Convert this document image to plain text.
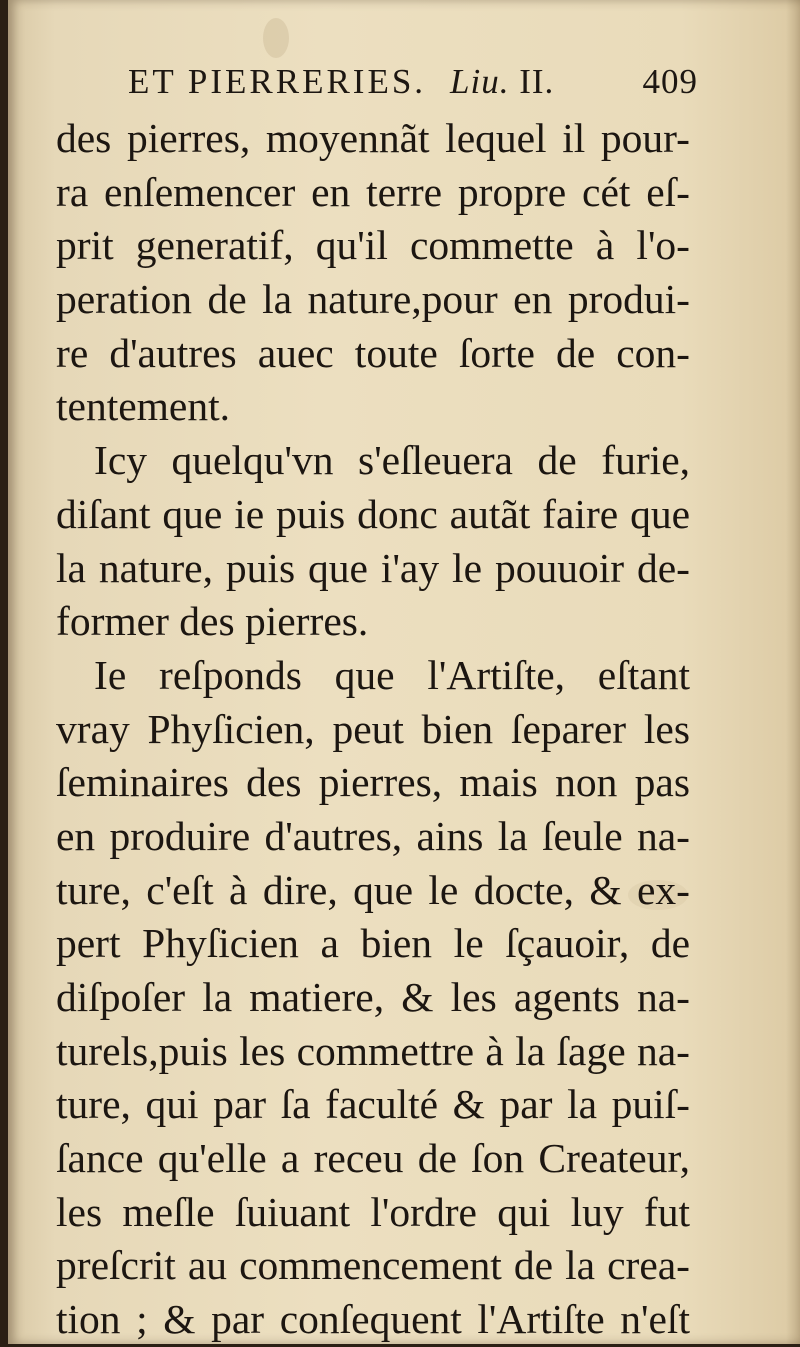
ET PIERRERIES. Liu. II.	409
des pierres, moyennãt lequel il pour-
ra enſemencer en terre propre cét eſ-
prit generatif, qu'il commette à l'o-
peration de la nature,pour en produi-
re d'autres auec toute ſorte de con-
tentement.
Icy quelqu'vn s'eſleuera de furie,
diſant que ie puis donc autãt faire que
la nature, puis que i'ay le pouuoir de-
former des pierres.
Ie reſponds que l'Artiſte, eſtant
vray Phyſicien, peut bien ſeparer les
ſeminaires des pierres, mais non pas
en produire d'autres, ains la ſeule na-
ture, c'eſt à dire, que le docte, & ex-
pert Phyſicien a bien le ſçauoir, de
diſpoſer la matiere, & les agents na-
turels,puis les commettre à la ſage na-
ture, qui par ſa faculté & par la puiſ-
ſance qu'elle a receu de ſon Createur,
les meſle ſuiuant l'ordre qui luy fut
preſcrit au commencement de la crea-
tion ; & par conſequent l'Artiſte n'eſt
